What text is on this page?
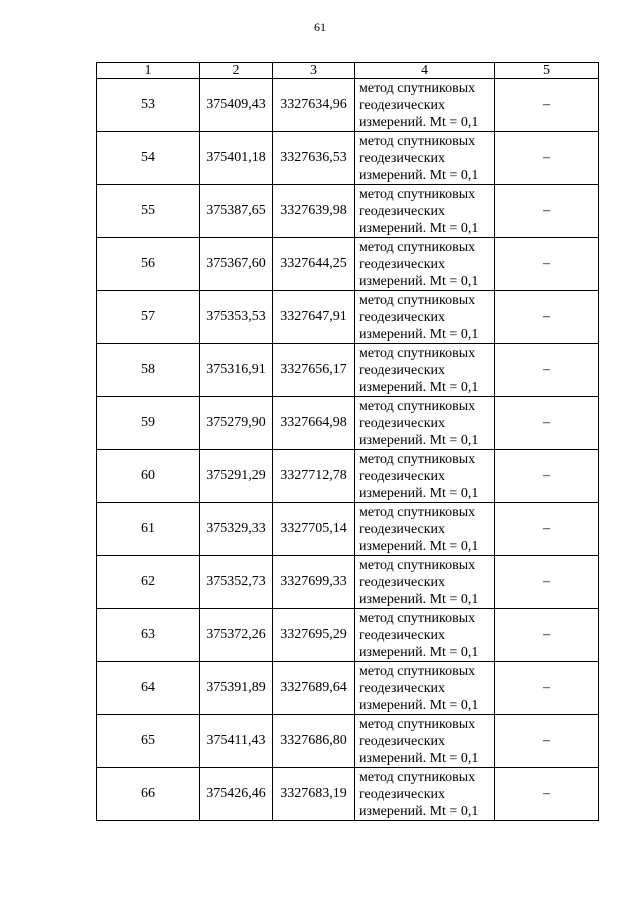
61
1	2	3	4	5
53	375409,43	3327634,96	метод спутниковых
геодезических
измерений. Mt = 0,1	–
54	375401,18	3327636,53	метод спутниковых
геодезических
измерений. Mt = 0,1	–
55	375387,65	3327639,98	метод спутниковых
геодезических
измерений. Mt = 0,1	–
56	375367,60	3327644,25	метод спутниковых
геодезических
измерений. Mt = 0,1	–
57	375353,53	3327647,91	метод спутниковых
геодезических
измерений. Mt = 0,1	–
58	375316,91	3327656,17	метод спутниковых
геодезических
измерений. Mt = 0,1	–
59	375279,90	3327664,98	метод спутниковых
геодезических
измерений. Mt = 0,1	–
60	375291,29	3327712,78	метод спутниковых
геодезических
измерений. Mt = 0,1	–
61	375329,33	3327705,14	метод спутниковых
геодезических
измерений. Mt = 0,1	–
62	375352,73	3327699,33	метод спутниковых
геодезических
измерений. Mt = 0,1	–
63	375372,26	3327695,29	метод спутниковых
геодезических
измерений. Mt = 0,1	–
64	375391,89	3327689,64	метод спутниковых
геодезических
измерений. Mt = 0,1	–
65	375411,43	3327686,80	метод спутниковых
геодезических
измерений. Mt = 0,1	–
66	375426,46	3327683,19	метод спутниковых
геодезических
измерений. Mt = 0,1	–
